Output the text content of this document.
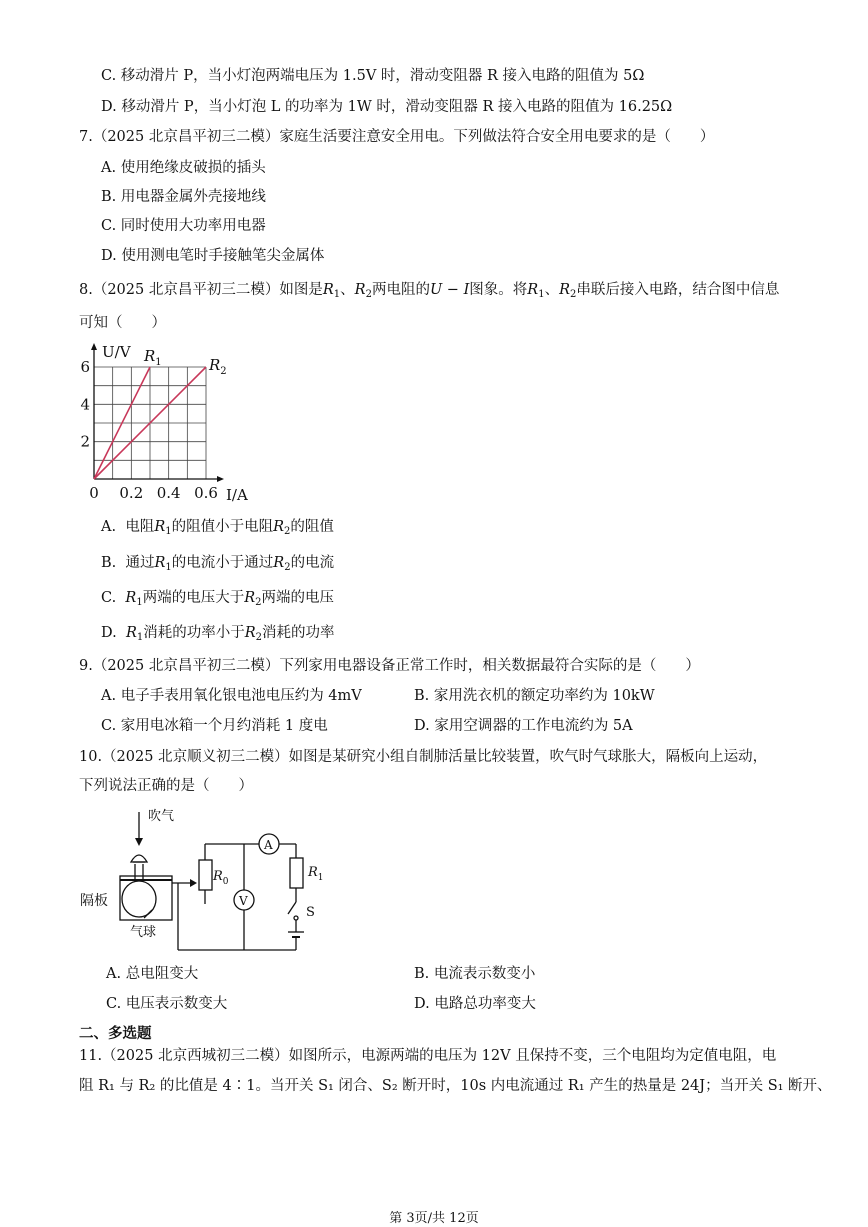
C. 移动滑片 P，当小灯泡两端电压为 1.5V 时，滑动变阻器 R 接入电路的阻值为 5Ω
D. 移动滑片 P，当小灯泡 L 的功率为 1W 时，滑动变阻器 R 接入电路的阻值为 16.25Ω
7.（2025 北京昌平初三二模）家庭生活要注意安全用电。下列做法符合安全用电要求的是（　　）
A. 使用绝缘皮破损的插头
B. 用电器金属外壳接地线
C. 同时使用大功率用电器
D. 使用测电笔时手接触笔尖金属体
8.（2025 北京昌平初三二模）如图是$R_1$、$R_2$两电阻的U − I图象。将$R_1$、$R_2$串联后接入电路，结合图中信息
可知（　　）
0 0.2 0.4 0.6
2
4
6
I/A
U/V $R_1$	$R_2$
A. 电阻$R_1$的阻值小于电阻$R_2$的阻值
B. 通过$R_1$的电流小于通过$R_2$的电流
C. $R_1$两端的电压大于$R_2$两端的电压
D. $R_1$消耗的功率小于$R_2$消耗的功率
9.（2025 北京昌平初三二模）下列家用电器设备正常工作时，相关数据最符合实际的是（　　）
A. 电子手表用氧化银电池电压约为 4mV	B. 家用洗衣机的额定功率约为 10kW
C. 家用电冰箱一个月约消耗 1 度电	D. 家用空调器的工作电流约为 5A
10.（2025 北京顺义初三二模）如图是某研究小组自制肺活量比较装置，吹气时气球胀大，隔板向上运动，
下列说法正确的是（　　）
吹气
隔板
气球
$R_0$
$R_1$
A
V
S
A. 总电阻变大	B. 电流表示数变小
C. 电压表示数变大	D. 电路总功率变大
二、多选题
11.（2025 北京西城初三二模）如图所示，电源两端的电压为 12V 且保持不变，三个电阻均为定值电阻，电
阻 R₁ 与 R₂ 的比值是 4∶1。当开关 S₁ 闭合、S₂ 断开时，10s 内电流通过 R₁ 产生的热量是 24J；当开关 S₁ 断开、
第 3页/共 12页
